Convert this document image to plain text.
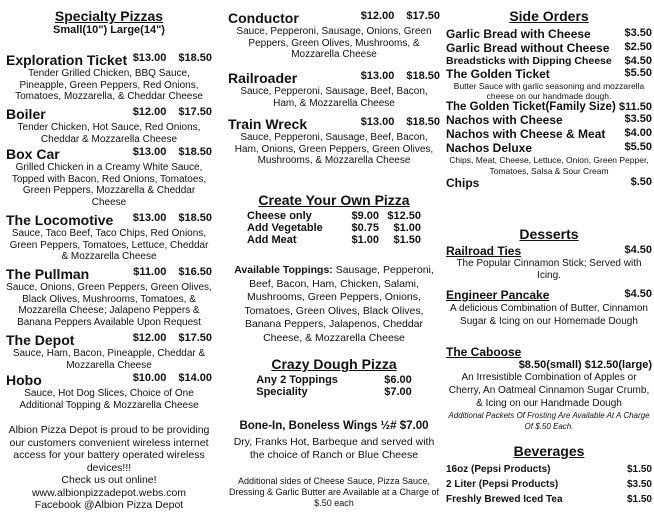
Specialty Pizzas
Small(10") Large(14")
Exploration Ticket $13.00 $18.50
Tender Grilled Chicken, BBQ Sauce, Pineapple, Green Peppers, Red Onions, Tomatoes, Mozzarella, & Cheddar Cheese
Boiler	$12.00 $17.50
Tender Chicken, Hot Sauce, Red Onions, Cheddar & Mozzarella Cheese
Box Car	$13.00 $18.50
Grilled Chicken in a Creamy White Sauce, Topped with Bacon, Red Onions, Tomatoes, Green Peppers, Mozzarella & Cheddar Cheese
The Locomotive $13.00 $18.50
Sauce, Taco Beef, Taco Chips, Red Onions, Green Peppers, Tomatoes, Lettuce, Cheddar & Mozzarella Cheese
The Pullman	$11.00 $16.50
Sauce, Onions, Green Peppers, Green Olives, Black Olives, Mushrooms, Tomatoes, & Mozzarella Cheese; Jalapeno Peppers & Banana Peppers Available Upon Request
The Depot	$12.00 $17.50
Sauce, Ham, Bacon, Pineapple, Cheddar & Mozzarella Cheese
Hobo	$10.00 $14.00
Sauce, Hot Dog Slices, Choice of One Additional Topping & Mozzarella Cheese
Albion Pizza Depot is proud to be providing our customers convenient wireless internet access for your battery operated wireless devices!!!
Check us out online!
www.albionpizzadepot.webs.com
Facebook @Albion Pizza Depot
Conductor	$12.00 $17.50
Sauce, Pepperoni, Sausage, Onions, Green Peppers, Green Olives, Mushrooms, & Mozzarella Cheese
Railroader	$13.00 $18.50
Sauce, Pepperoni, Sausage, Beef, Bacon, Ham, & Mozzarella Cheese
Train Wreck	$13.00 $18.50
Sauce, Pepperoni, Sausage, Beef, Bacon, Ham, Onions, Green Peppers, Green Olives, Mushrooms, & Mozzarella Cheese
Create Your Own Pizza
Cheese only	$9.00 $12.50
Add Vegetable	$0.75	$1.00
Add Meat	$1.00	$1.50
Available Toppings: Sausage, Pepperoni, Beef, Bacon, Ham, Chicken, Salami, Mushrooms, Green Peppers, Onions, Tomatoes, Green Olives, Black Olives, Banana Peppers, Jalapenos, Cheddar Cheese, & Mozzarella Cheese
Crazy Dough Pizza
Any 2 Toppings	$6.00
Speciality	$7.00
Bone-In, Boneless Wings ½# $7.00
Dry, Franks Hot, Barbeque and served with the choice of Ranch or Blue Cheese
Additional sides of Cheese Sauce, Pizza Sauce, Dressing & Garlic Butter are Available at a Charge of $.50 each
Side Orders
Garlic Bread with Cheese	$3.50
Garlic Bread without Cheese $2.50
Breadsticks with Dipping Cheese $4.50
The Golden Ticket	$5.50
Butter Sauce with garlic seasoning and mozzarella cheese on our handmade dough.
The Golden Ticket(Family Size) $11.50
Nachos with Cheese	$3.50
Nachos with Cheese & Meat $4.00
Nachos Deluxe	$5.50
Chips, Meat, Cheese, Lettuce, Onion, Green Pepper, Tomatoes, Salsa & Sour Cream
Chips	$.50
Desserts
Railroad Ties	$4.50
The Popular Cinnamon Stick; Served with Icing.
Engineer Pancake	$4.50
A delicious Combination of Butter, Cinnamon Sugar & Icing on our Homemade Dough
The Caboose
$8.50(small) $12.50(large)
An Irresistible Combination of Apples or Cherry, An Oatmeal Cinnamon Sugar Crumb, & Icing on our Handmade Dough
Additional Packets Of Frosting Are Available At A Charge Of $.50 Each.
Beverages
16oz (Pepsi Products)	$1.50
2 Liter (Pepsi Products)	$3.50
Freshly Brewed Iced Tea	$1.50
